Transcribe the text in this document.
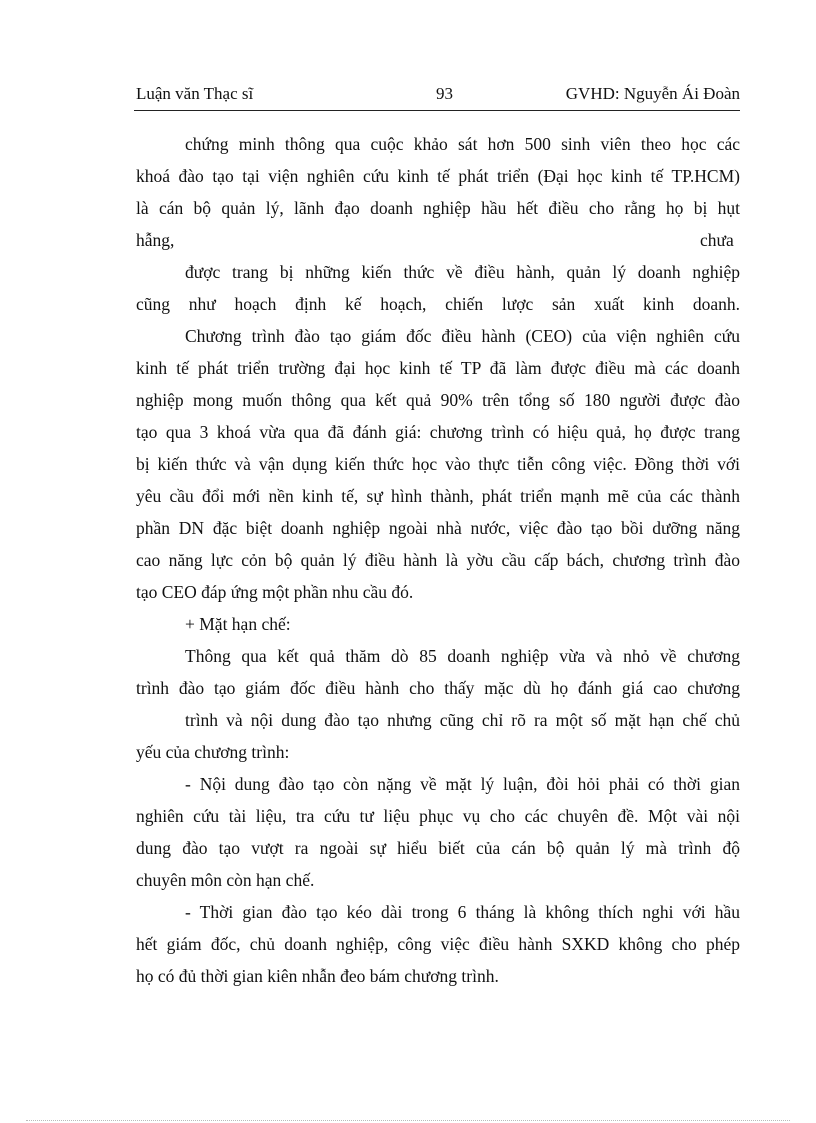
Luận văn Thạc sĩ	93	GVHD: Nguyễn Ái Đoàn
chứng minh thông qua cuộc khảo sát hơn 500 sinh viên theo học các
khoá đào tạo tại viện nghiên cứu kinh tế phát triển (Đại học kinh tế TP.HCM)
là cán bộ quản lý, lãnh đạo doanh nghiệp hầu hết điều cho rằng họ bị hụt
hẫng,	chưa
được trang bị những kiến thức về điều hành, quản lý doanh nghiệp
cũng như hoạch định kế hoạch, chiến lược sản xuất kinh doanh.
Chương trình đào tạo giám đốc điều hành (CEO) của viện nghiên cứu
kinh tế phát triển trường đại học kinh tế TP đã làm được điều mà các doanh
nghiệp mong muốn thông qua kết quả 90% trên tổng số 180 người được đào
tạo qua 3 khoá vừa qua đã đánh giá: chương trình có hiệu quả, họ được trang
bị kiến thức và vận dụng kiến thức học vào thực tiễn công việc. Đồng thời với
yêu cầu đổi mới nền kinh tế, sự hình thành, phát triển mạnh mẽ của các thành
phần DN đặc biệt doanh nghiệp ngoài nhà nước, việc đào tạo bồi dưỡng năng
cao năng lực cỏn bộ quản lý điều hành là yờu cầu cấp bách, chương trình đào
tạo CEO đáp ứng một phần nhu cầu đó.
+ Mặt hạn chế:
Thông qua kết quả thăm dò 85 doanh nghiệp vừa và nhỏ về chương
trình đào tạo giám đốc điều hành cho thấy mặc dù họ đánh giá cao chương
trình và nội dung đào tạo nhưng cũng chỉ rõ ra một số mặt hạn chế chủ
yếu của chương trình:
- Nội dung đào tạo còn nặng về mặt lý luận, đòi hỏi phải có thời gian
nghiên cứu tài liệu, tra cứu tư liệu phục vụ cho các chuyên đề. Một vài nội
dung đào tạo vượt ra ngoài sự hiểu biết của cán bộ quản lý mà trình độ
chuyên môn còn hạn chế.
- Thời gian đào tạo kéo dài trong 6 tháng là không thích nghi với hầu
hết giám đốc, chủ doanh nghiệp, công việc điều hành SXKD không cho phép
họ có đủ thời gian kiên nhẫn đeo bám chương trình.
